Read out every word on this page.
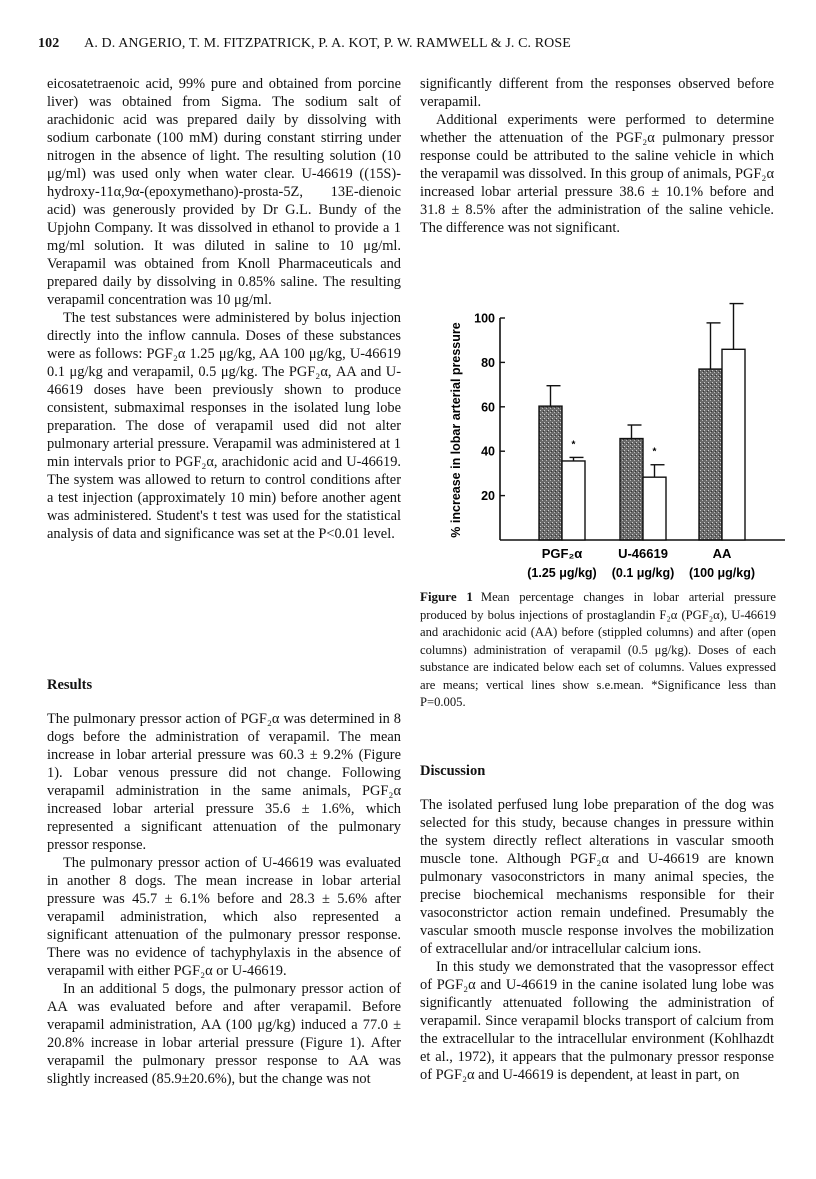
102 A. D. ANGERIO, T. M. FITZPATRICK, P. A. KOT, P. W. RAMWELL & J. C. ROSE

eicosatetraenoic acid, 99% pure and obtained from porcine liver) was obtained from Sigma. The sodium salt of arachidonic acid was prepared daily by dissolving with sodium carbonate (100 mM) during constant stirring under nitrogen in the absence of light. The resulting solution (10 μg/ml) was used only when water clear. U-46619 ((15S)-hydroxy-11α,9α-(epoxymethano)-prosta-5Z, 13E-dienoic acid) was generously provided by Dr G.L. Bundy of the Upjohn Company. It was dissolved in ethanol to provide a 1 mg/ml solution. It was diluted in saline to 10 μg/ml. Verapamil was obtained from Knoll Pharmaceuticals and prepared daily by dissolving in 0.85% saline. The resulting verapamil concentration was 10 μg/ml.

The test substances were administered by bolus injection directly into the inflow cannula. Doses of these substances were as follows: PGF₂α 1.25 μg/kg, AA 100 μg/kg, U-46619 0.1 μg/kg and verapamil, 0.5 μg/kg. The PGF₂α, AA and U-46619 doses have been previously shown to produce consistent, submaximal responses in the isolated lung lobe preparation. The dose of verapamil used did not alter pulmonary arterial pressure. Verapamil was administered at 1 min intervals prior to PGF₂α, arachidonic acid and U-46619. The system was allowed to return to control conditions after a test injection (approximately 10 min) before another agent was administered. Student's t test was used for the statistical analysis of data and significance was set at the P<0.01 level.

Results

The pulmonary pressor action of PGF₂α was determined in 8 dogs before the administration of verapamil. The mean increase in lobar arterial pressure was 60.3 ± 9.2% (Figure 1). Lobar venous pressure did not change. Following verapamil administration in the same animals, PGF₂α increased lobar arterial pressure 35.6 ± 1.6%, which represented a significant attenuation of the pulmonary pressor response.

The pulmonary pressor action of U-46619 was evaluated in another 8 dogs. The mean increase in lobar arterial pressure was 45.7 ± 6.1% before and 28.3 ± 5.6% after verapamil administration, which also represented a significant attenuation of the pulmonary pressor response. There was no evidence of tachyphylaxis in the absence of verapamil with either PGF₂α or U-46619.

In an additional 5 dogs, the pulmonary pressor action of AA was evaluated before and after verapamil. Before verapamil administration, AA (100 μg/kg) induced a 77.0 ± 20.8% increase in lobar arterial pressure (Figure 1). After verapamil the pulmonary pressor response to AA was slightly increased (85.9±20.6%), but the change was not

significantly different from the responses observed before verapamil.

Additional experiments were performed to determine whether the attenuation of the PGF₂α pulmonary pressor response could be attributed to the saline vehicle in which the verapamil was dissolved. In this group of animals, PGF₂α increased lobar arterial pressure 38.6 ± 10.1% before and 31.8 ± 8.5% after the administration of the saline vehicle. The difference was not significant.

20
40
60
80
100
*
*
PGF₂α
(1.25 μg/kg)
U-46619
(0.1 μg/kg)
AA
(100 μg/kg)
% increase in lobar arterial pressure
Figure 1 Mean percentage changes in lobar arterial pressure produced by bolus injections of prostaglandin F₂α (PGF₂α), U-46619 and arachidonic acid (AA) before (stippled columns) and after (open columns) administration of verapamil (0.5 μg/kg). Doses of each substance are indicated below each set of columns. Values expressed are means; vertical lines show s.e.mean. *Significance less than P=0.005.
Discussion

The isolated perfused lung lobe preparation of the dog was selected for this study, because changes in pressure within the system directly reflect alterations in vascular smooth muscle tone. Although PGF₂α and U-46619 are known pulmonary vasoconstrictors in many animal species, the precise biochemical mechanisms responsible for their vasoconstrictor action remain undefined. Presumably the vascular smooth muscle response involves the mobilization of extracellular and/or intracellular calcium ions.

In this study we demonstrated that the vasopressor effect of PGF₂α and U-46619 in the canine isolated lung lobe was significantly attenuated following the administration of verapamil. Since verapamil blocks transport of calcium from the extracellular to the intracellular environment (Kohlhazdt et al., 1972), it appears that the pulmonary pressor response of PGF₂α and U-46619 is dependent, at least in part, on
